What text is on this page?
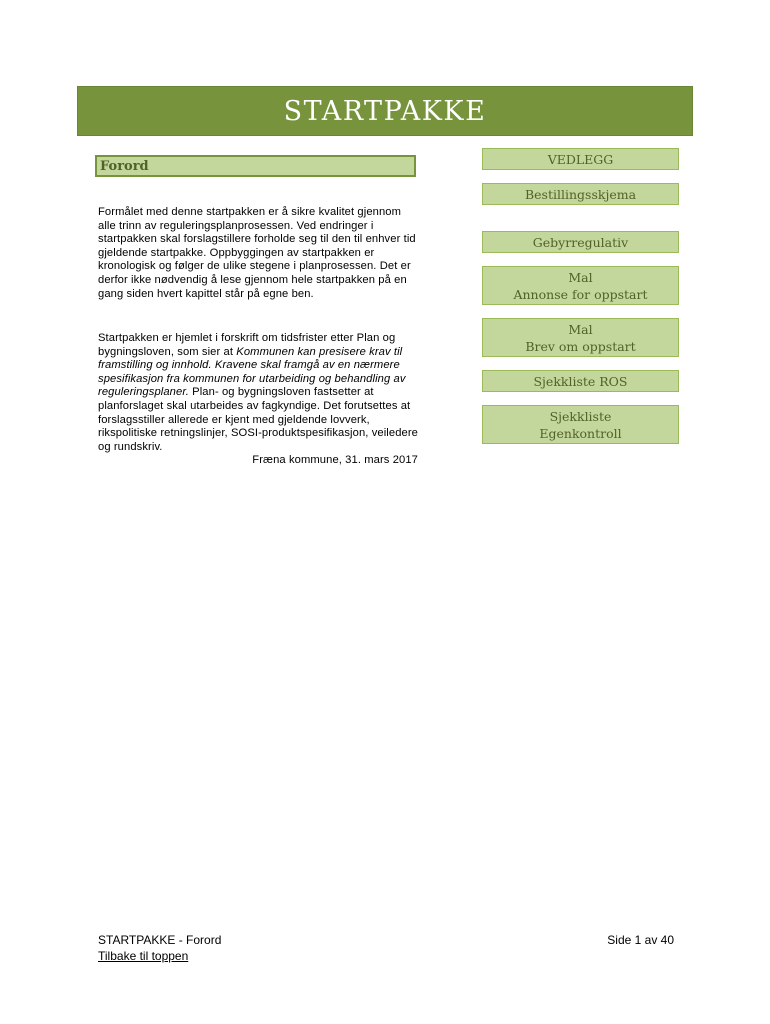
STARTPAKKE
Forord

Formålet med denne startpakken er å sikre kvalitet gjennom alle trinn av reguleringsplanprosessen. Ved endringer i startpakken skal forslagstillere forholde seg til den til enhver tid gjeldende startpakke. Oppbyggingen av startpakken er kronologisk og følger de ulike stegene i planprosessen. Det er derfor ikke nødvendig å lese gjennom hele startpakken på en gang siden hvert kapittel står på egne ben.

Startpakken er hjemlet i forskrift om tidsfrister etter Plan og bygningsloven, som sier at Kommunen kan presisere krav til framstilling og innhold. Kravene skal framgå av en nærmere spesifikasjon fra kommunen for utarbeiding og behandling av reguleringsplaner. Plan- og bygningsloven fastsetter at planforslaget skal utarbeides av fagkyndige. Det forutsettes at forslagsstiller allerede er kjent med gjeldende lovverk, rikspolitiske retningslinjer, SOSI-produktspesifikasjon, veiledere og rundskriv.

Fræna kommune, 31. mars 2017

VEDLEGG
Bestillingsskjema
Gebyrregulativ
Mal
Annonse for oppstart
Mal
Brev om oppstart
Sjekkliste ROS
Sjekkliste
Egenkontroll
STARTPAKKE - Forord	Side 1 av 40
Tilbake til toppen
